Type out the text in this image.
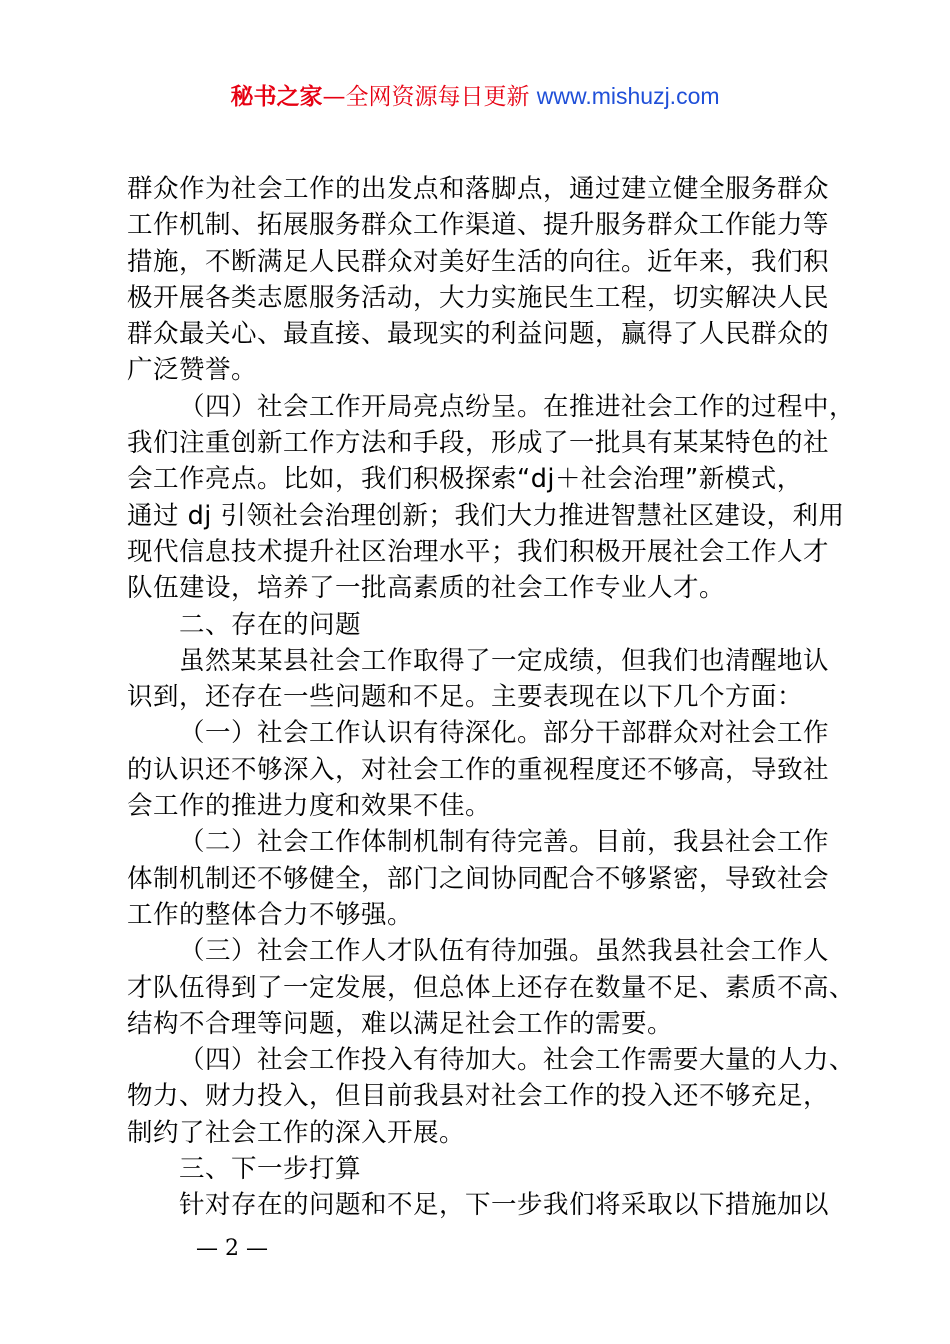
秘书之家—全网资源每日更新 www.mishuzj.com
群众作为社会工作的出发点和落脚点，通过建立健全服务群众
工作机制、拓展服务群众工作渠道、提升服务群众工作能力等
措施，不断满足人民群众对美好生活的向往。近年来，我们积
极开展各类志愿服务活动，大力实施民生工程，切实解决人民
群众最关心、最直接、最现实的利益问题，赢得了人民群众的
广泛赞誉。
（四）社会工作开局亮点纷呈。在推进社会工作的过程中，
我们注重创新工作方法和手段，形成了一批具有某某特色的社
会工作亮点。比如，我们积极探索“dj＋社会治理”新模式，
通过 dj 引领社会治理创新；我们大力推进智慧社区建设，利用
现代信息技术提升社区治理水平；我们积极开展社会工作人才
队伍建设，培养了一批高素质的社会工作专业人才。
二、存在的问题
虽然某某县社会工作取得了一定成绩，但我们也清醒地认
识到，还存在一些问题和不足。主要表现在以下几个方面：
（一）社会工作认识有待深化。部分干部群众对社会工作
的认识还不够深入，对社会工作的重视程度还不够高，导致社
会工作的推进力度和效果不佳。
（二）社会工作体制机制有待完善。目前，我县社会工作
体制机制还不够健全，部门之间协同配合不够紧密，导致社会
工作的整体合力不够强。
（三）社会工作人才队伍有待加强。虽然我县社会工作人
才队伍得到了一定发展，但总体上还存在数量不足、素质不高、
结构不合理等问题，难以满足社会工作的需要。
（四）社会工作投入有待加大。社会工作需要大量的人力、
物力、财力投入，但目前我县对社会工作的投入还不够充足，
制约了社会工作的深入开展。
三、下一步打算
针对存在的问题和不足，下一步我们将采取以下措施加以
— 2 —
